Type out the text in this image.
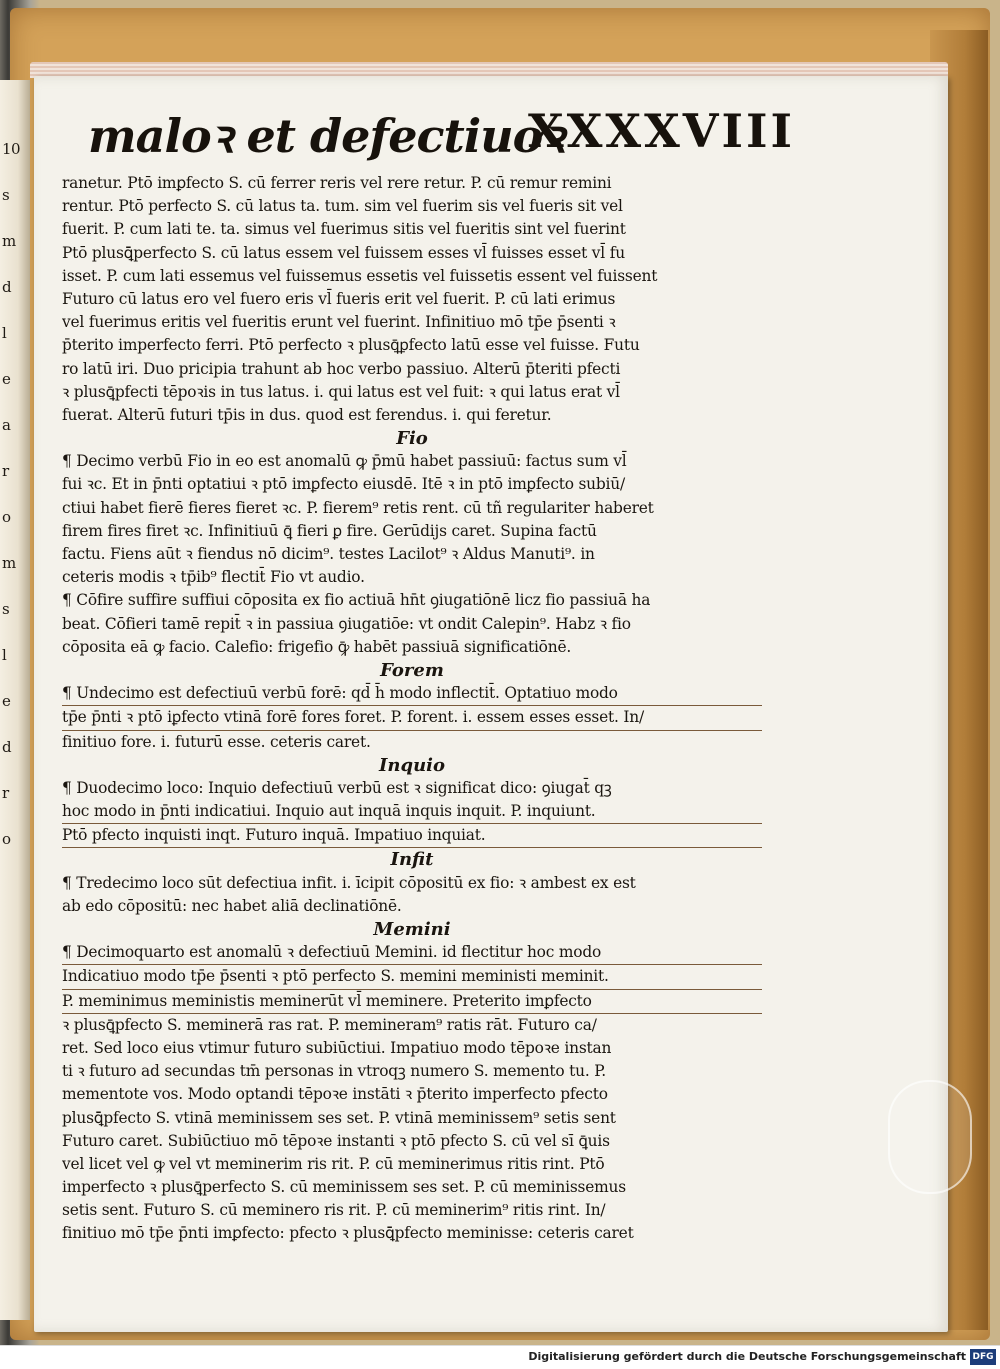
10
s
m
d
l
e
a
r
o
m
s
l
e
d
r
o
maloꝛ et defectiuoꝛ
XXXXVIII
ranetur. Ptō imꝑfecto S. cū ferrer reris vel rere retur. P. cū remur remini
rentur. Ptō perfecto S. cū latus ta. tum. sim vel fuerim sis vel fueris sit vel
fuerit. P. cum lati te. ta. simus vel fuerimus sitis vel fueritis sint vel fuerint
Ptō plusꝗ̄perfecto S. cū latus essem vel fuissem esses vl̄ fuisses esset vl̄ fu
isset. P. cum lati essemus vel fuissemus essetis vel fuissetis essent vel fuissent
Futuro cū latus ero vel fuero eris vl̄ fueris erit vel fuerit. P. cū lati erimus
vel fuerimus eritis vel fueritis erunt vel fuerint. Infinitiuo mō tp̄e p̄senti ꝛ
p̄terito imperfecto ferri. Ptō perfecto ꝛ plusꝗ̄ꝑfecto latū esse vel fuisse. Futu
ro latū iri. Duo pricipia trahunt ab hoc verbo passiuo. Alterū p̄teriti pfecti
ꝛ plusꝗ̄pfecti tēpoꝛis in tus latus. i. qui latus est vel fuit: ꝛ qui latus erat vl̄
fuerat. Alterū futuri tp̄is in dus. quod est ferendus. i. qui feretur.
Fio
¶ Decimo verbū Fio in eo est anomalū ꝙ p̄mū habet passiuū: factus sum vl̄
fui ꝛc. Et in p̄nti optatiui ꝛ ptō imꝑfecto eiusdē. Itē ꝛ in ptō imꝑfecto subiū/
ctiui habet fierē fieres fieret ꝛc. P. fierem⁹ retis rent. cū tñ regulariter haberet
firem fires firet ꝛc. Infinitiuū ꝗ̄ fieri ꝑ fire. Gerūdijs caret. Supina factū
factu. Fiens aūt ꝛ fiendus nō dicim⁹. testes Lacilot⁹ ꝛ Aldus Manuti⁹. in
ceteris modis ꝛ tp̄ib⁹ flectit̄ Fio vt audio.
¶ Cōfire suffire suffiui cōposita ex fio actiuā hn̄t ꝯiugatiōnē licz fio passiuā ha
beat. Cōfieri tamē repit̄ ꝛ in passiua ꝯiugatiōe: vt ondit Calepin⁹. Habz ꝛ fio
cōposita eā ꝙ facio. Calefio: frigefio ꝙ̄ habēt passiuā significatiōnē.
Forem
¶ Undecimo est defectiuū verbū forē: qd̄ h̄ modo inflectit̄. Optatiuo modo
tp̄e p̄nti ꝛ ptō iꝑfecto vtinā forē fores foret. P. forent. i. essem esses esset. In/
finitiuo fore. i. futurū esse. ceteris caret.
Inquio
¶ Duodecimo loco: Inquio defectiuū verbū est ꝛ significat dico: ꝯiugat̄ qꝫ
hoc modo in p̄nti indicatiui. Inquio aut inquā inquis inquit. P. inquiunt.
Ptō pfecto inquisti inqt. Futuro inquā. Impatiuo inquiat.
Infit
¶ Tredecimo loco sūt defectiua infit. i. īcipit cōpositū ex fio: ꝛ ambest ex est
ab edo cōpositū: nec habet aliā declinatiōnē.
Memini
¶ Decimoquarto est anomalū ꝛ defectiuū Memini. id flectitur hoc modo
Indicatiuo modo tp̄e p̄senti ꝛ ptō perfecto S. memini meministi meminit.
P. meminimus meministis meminerūt vl̄ meminere. Preterito imꝑfecto
ꝛ plusꝗ̄pfecto S. meminerā ras rat. P. memineram⁹ ratis rāt. Futuro ca/
ret. Sed loco eius vtimur futuro subiūctiui. Impatiuo modo tēpoꝛe instan
ti ꝛ futuro ad secundas tm̄ personas in vtroqꝫ numero S. memento tu. P.
mementote vos. Modo optandi tēpoꝛe instāti ꝛ p̄terito imperfecto pfecto
plusꝗ̄pfecto S. vtinā meminissem ses set. P. vtinā meminissem⁹ setis sent
Futuro caret. Subiūctiuo mō tēpoꝛe instanti ꝛ ptō pfecto S. cū vel sī ꝗ̄uis
vel licet vel ꝙ vel vt meminerim ris rit. P. cū meminerimus ritis rint. Ptō
imperfecto ꝛ plusꝗ̄perfecto S. cū meminissem ses set. P. cū meminissemus
setis sent. Futuro S. cū meminero ris rit. P. cū meminerim⁹ ritis rint. In/
finitiuo mō tp̄e p̄nti imꝑfecto: pfecto ꝛ plusꝗ̄pfecto meminisse: ceteris caret
Digitalisierung gefördert durch die Deutsche Forschungsgemeinschaft DFG
